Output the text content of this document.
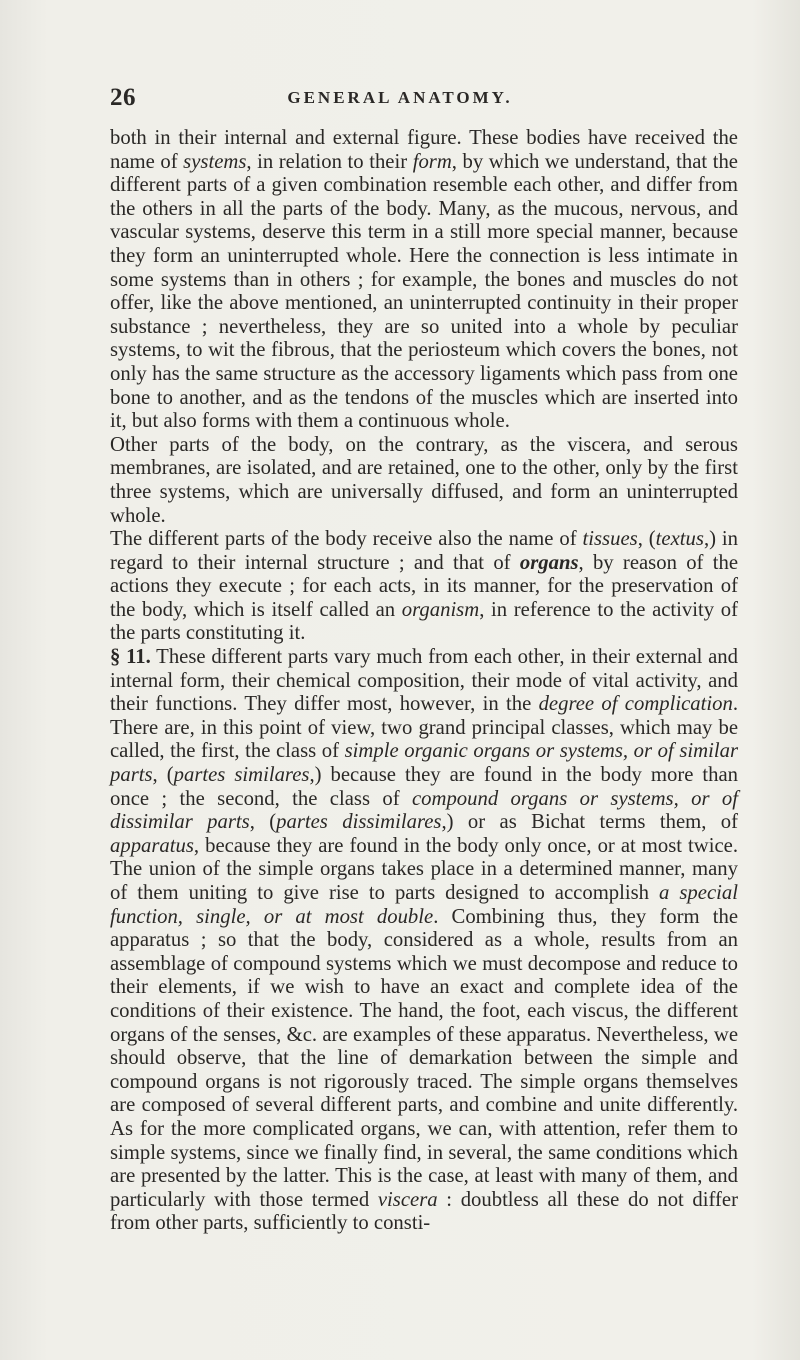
26	GENERAL ANATOMY.

both in their internal and external figure. These bodies have received the name of systems, in relation to their form, by which we understand, that the different parts of a given combination resemble each other, and differ from the others in all the parts of the body. Many, as the mucous, nervous, and vascular systems, deserve this term in a still more special manner, because they form an uninterrupted whole. Here the connection is less intimate in some systems than in others ; for example, the bones and muscles do not offer, like the above mentioned, an uninterrupted continuity in their proper substance ; nevertheless, they are so united into a whole by peculiar systems, to wit the fibrous, that the periosteum which covers the bones, not only has the same structure as the accessory ligaments which pass from one bone to another, and as the tendons of the muscles which are inserted into it, but also forms with them a continuous whole.

Other parts of the body, on the contrary, as the viscera, and serous membranes, are isolated, and are retained, one to the other, only by the first three systems, which are universally diffused, and form an uninterrupted whole.

The different parts of the body receive also the name of tissues, (textus,) in regard to their internal structure ; and that of organs, by reason of the actions they execute ; for each acts, in its manner, for the preservation of the body, which is itself called an organism, in reference to the activity of the parts constituting it.

§ 11. These different parts vary much from each other, in their external and internal form, their chemical composition, their mode of vital activity, and their functions. They differ most, however, in the degree of complication. There are, in this point of view, two grand principal classes, which may be called, the first, the class of simple organic organs or systems, or of similar parts, (partes similares,) because they are found in the body more than once ; the second, the class of compound organs or systems, or of dissimilar parts, (partes dissimilares,) or as Bichat terms them, of apparatus, because they are found in the body only once, or at most twice. The union of the simple organs takes place in a determined manner, many of them uniting to give rise to parts designed to accomplish a special function, single, or at most double. Combining thus, they form the apparatus ; so that the body, considered as a whole, results from an assemblage of compound systems which we must decompose and reduce to their elements, if we wish to have an exact and complete idea of the conditions of their existence. The hand, the foot, each viscus, the different organs of the senses, &c. are examples of these apparatus. Nevertheless, we should observe, that the line of demarkation between the simple and compound organs is not rigorously traced. The simple organs themselves are composed of several different parts, and combine and unite differently. As for the more complicated organs, we can, with attention, refer them to simple systems, since we finally find, in several, the same conditions which are presented by the latter. This is the case, at least with many of them, and particularly with those termed viscera : doubtless all these do not differ from other parts, sufficiently to consti-
